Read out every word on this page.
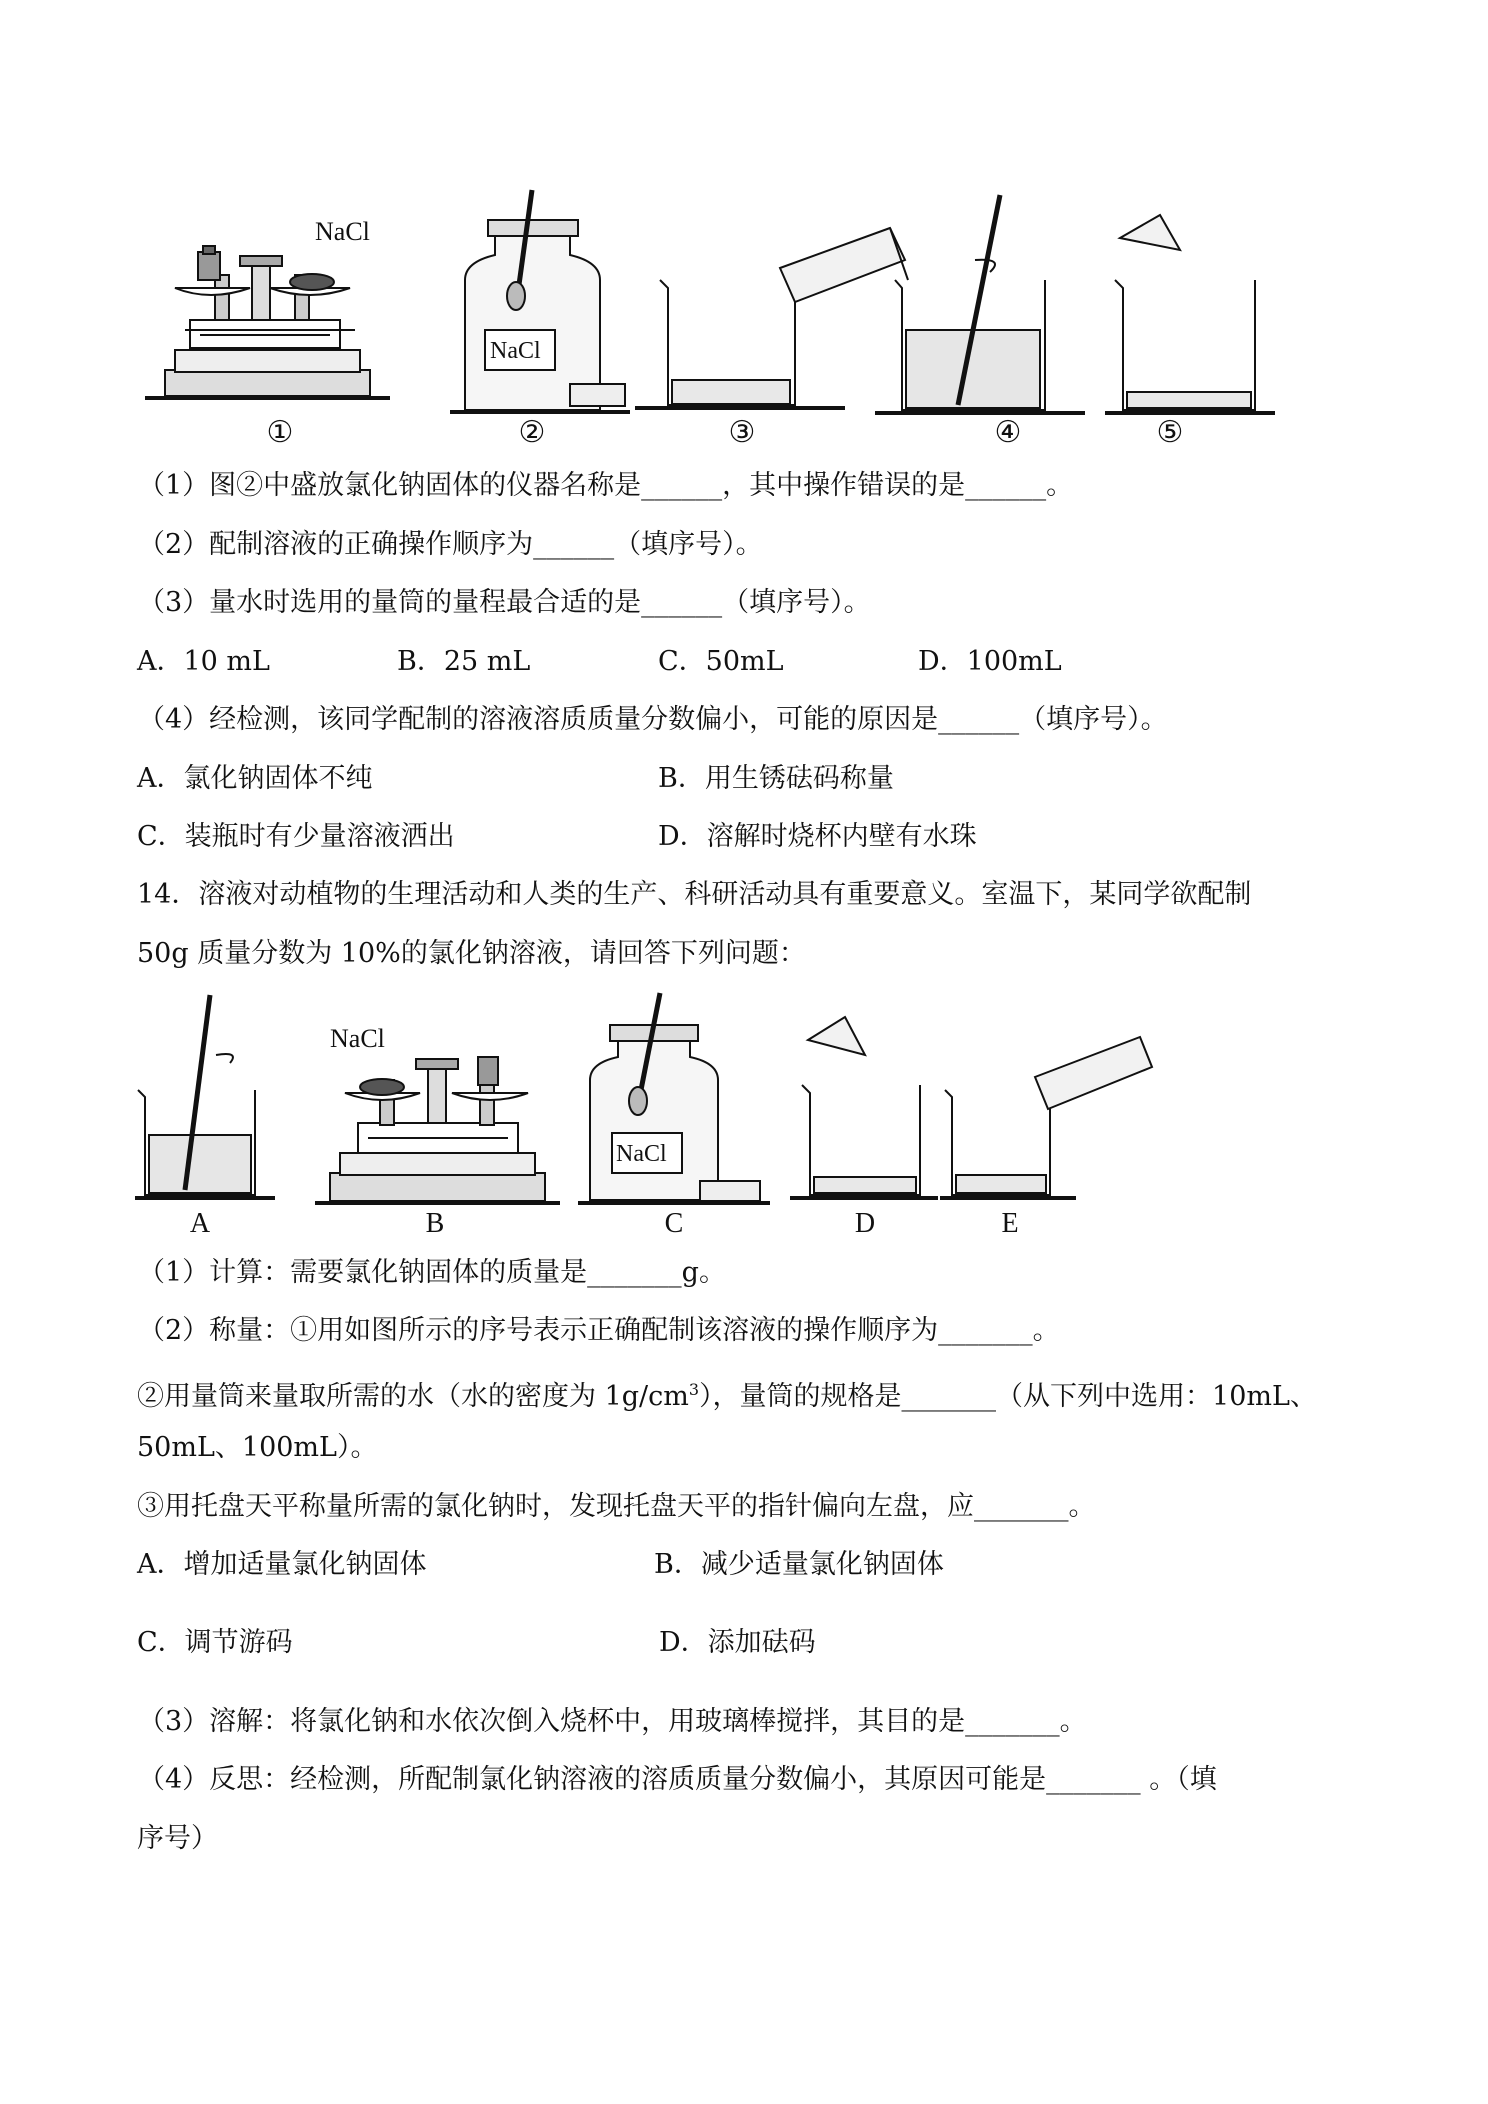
NaCl
NaCl
①	②	③	④	⑤
（1）图②中盛放氯化钠固体的仪器名称是______，其中操作错误的是______。
（2）配制溶液的正确操作顺序为______（填序号）。
（3）量水时选用的量筒的量程最合适的是______（填序号）。
A．10 mL	B．25 mL	C．50mL	D．100mL
（4）经检测，该同学配制的溶液溶质质量分数偏小，可能的原因是______（填序号）。
A．氯化钠固体不纯	B．用生锈砝码称量
C．装瓶时有少量溶液洒出	D．溶解时烧杯内壁有水珠
14．溶液对动植物的生理活动和人类的生产、科研活动具有重要意义。室温下，某同学欲配制
50g 质量分数为 10%的氯化钠溶液，请回答下列问题：
NaCl
NaCl
A	B	C	D	E
（1）计算：需要氯化钠固体的质量是_______g。
（2）称量：①用如图所示的序号表示正确配制该溶液的操作顺序为_______。
②用量筒来量取所需的水（水的密度为 $1g/cm^3$），量筒的规格是_______（从下列中选用：10mL、
50mL、100mL）。
③用托盘天平称量所需的氯化钠时，发现托盘天平的指针偏向左盘，应_______。
A．增加适量氯化钠固体	B．减少适量氯化钠固体
C．调节游码	D．添加砝码
（3）溶解：将氯化钠和水依次倒入烧杯中，用玻璃棒搅拌，其目的是_______。
（4）反思：经检测，所配制氯化钠溶液的溶质质量分数偏小，其原因可能是_______ 。（填
序号）
